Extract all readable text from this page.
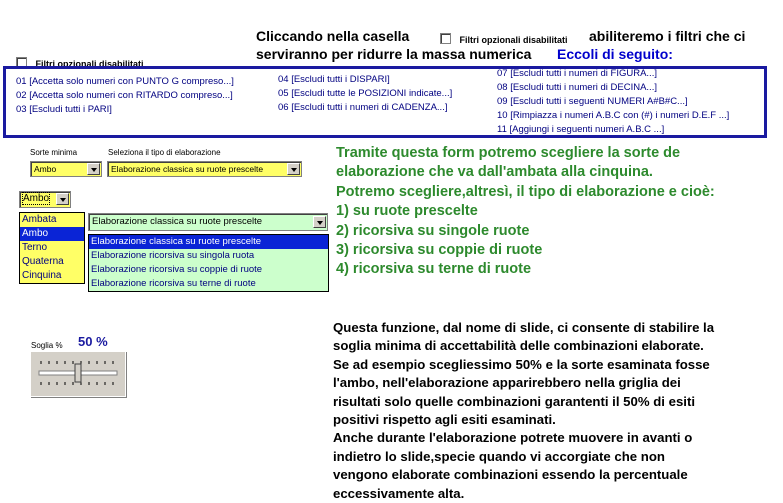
Cliccando nella casella	Filtri opzionali disabilitati abiliteremo i filtri che ci
serviranno per ridurre la massa numerica Eccoli di seguito:
Filtri opzionali disabilitati
01 [Accetta solo numeri con PUNTO G compreso...]
02 [Accetta solo numeri con RITARDO compreso...]
03 [Escludi tutti i PARI]
04 [Escludi tutti i DISPARI]
05 [Escludi tutte le POSIZIONI indicate...]
06 [Escludi tutti i numeri di CADENZA...]
07 [Escludi tutti i numeri di FIGURA...]
08 [Escludi tutti i numeri di DECINA...]
09 [Escludi tutti i seguenti NUMERI A#B#C...]
10 [Rimpiazza i numeri A.B.C con (#) i numeri D.E.F ...]
11 [Aggiungi i seguenti numeri A.B.C ...]
Sorte minima
Ambo
Seleziona il tipo di elaborazione
Elaborazione classica su ruote prescelte
Ambo
Ambata
Ambo
Terno
Quaterna
Cinquina
Elaborazione classica su ruote prescelte
Elaborazione classica su ruote prescelte
Elaborazione ricorsiva su singola ruota
Elaborazione ricorsiva su coppie di ruote
Elaborazione ricorsiva su terne di ruote
Tramite questa form potremo scegliere la sorte de
elaborazione che va dall'ambata alla cinquina.
Potremo scegliere,altresì, il tipo di elaborazione e cioè:
1) su ruote prescelte
2) ricorsiva su singole ruote
3) ricorsiva su coppie di ruote
4) ricorsiva su terne di ruote
Soglia % 50 %
Questa funzione, dal nome di slide, ci consente di stabilire la
soglia minima di accettabilità delle combinazioni elaborate.
Se ad esempio scegliessimo 50% e la sorte esaminata fosse
l'ambo, nell'elaborazione apparirebbero nella griglia dei
risultati solo quelle combinazioni garantenti il 50% di esiti
positivi rispetto agli esiti esaminati.
Anche durante l'elaborazione potrete muovere in avanti o
indietro lo slide,specie quando vi accorgiate che non
vengono elaborate combinazioni essendo la percentuale
eccessivamente alta.
